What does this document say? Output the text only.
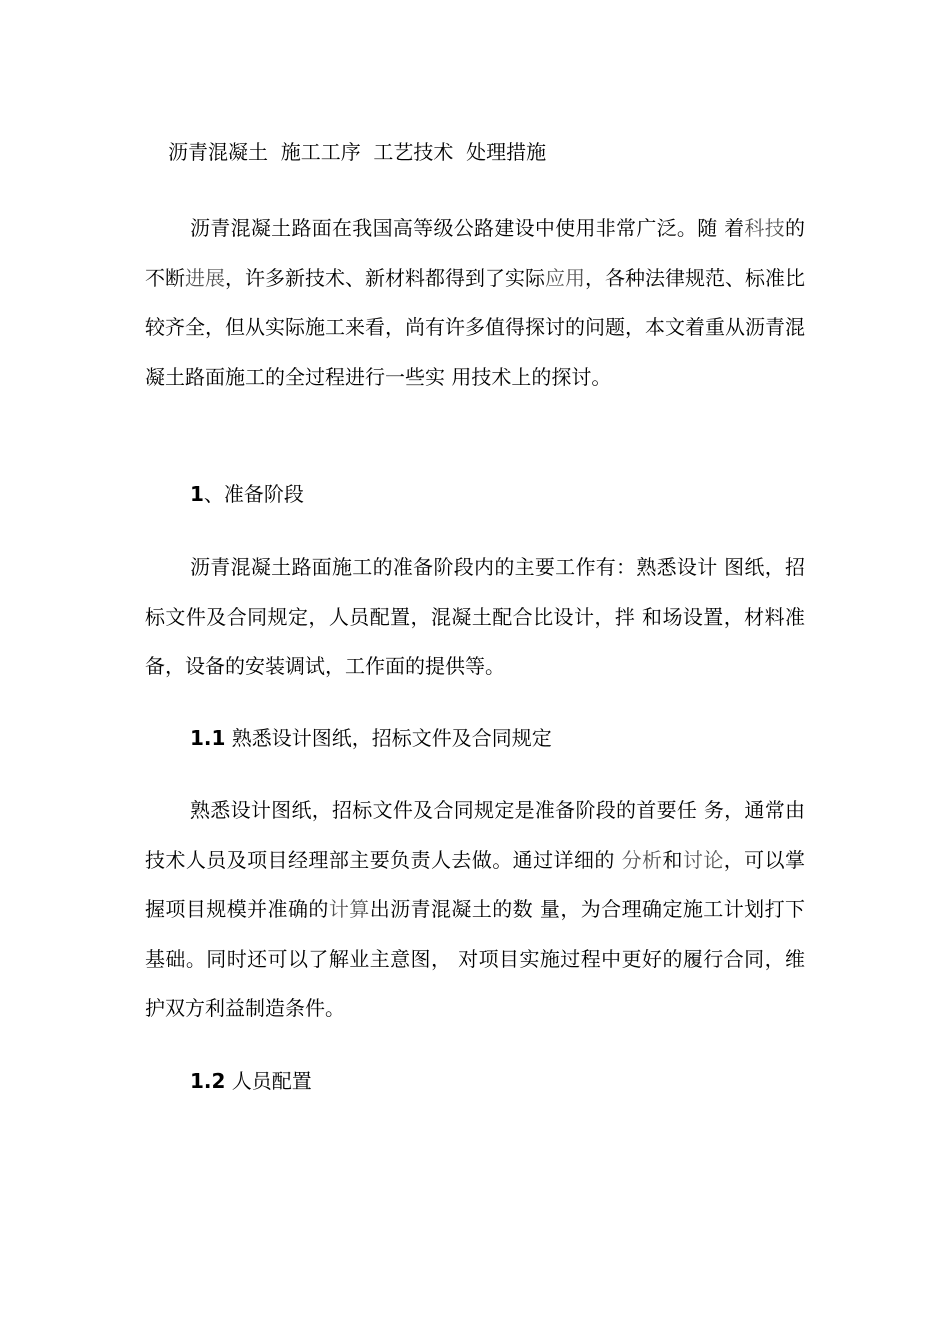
沥青混凝土  施工工序  工艺技术  处理措施

沥青混凝土路面在我国高等级公路建设中使用非常广泛。随 着科技的不断进展，许多新技术、新材料都得到了实际应用，各种法律规范、标准比较齐全，但从实际施工来看，尚有许多值得探讨的问题，本文着重从沥青混凝土路面施工的全过程进行一些实 用技术上的探讨。

1、准备阶段

沥青混凝土路面施工的准备阶段内的主要工作有：熟悉设计 图纸，招标文件及合同规定，人员配置，混凝土配合比设计，拌 和场设置，材料准备，设备的安装调试，工作面的提供等。

1.1 熟悉设计图纸，招标文件及合同规定

熟悉设计图纸，招标文件及合同规定是准备阶段的首要任 务，通常由技术人员及项目经理部主要负责人去做。通过详细的 分析和讨论，可以掌握项目规模并准确的计算出沥青混凝土的数 量，为合理确定施工计划打下基础。同时还可以了解业主意图， 对项目实施过程中更好的履行合同，维护双方利益制造条件。

1.2 人员配置
